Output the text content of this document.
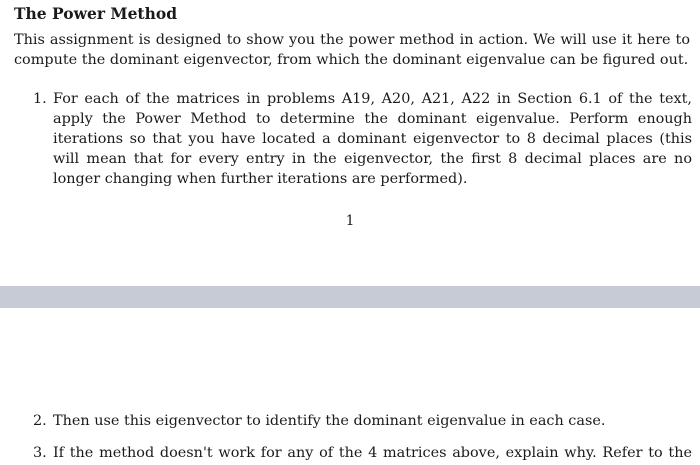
The Power Method

This assignment is designed to show you the power method in action. We will use it here to compute the dominant eigenvector, from which the dominant eigenvalue can be figured out.

1. For each of the matrices in problems A19, A20, A21, A22 in Section 6.1 of the text, apply the Power Method to determine the dominant eigenvalue. Perform enough iterations so that you have located a dominant eigenvector to 8 decimal places (this will mean that for every entry in the eigenvector, the first 8 decimal places are no longer changing when further iterations are performed).
1
2. Then use this eigenvector to identify the dominant eigenvalue in each case.
3. If the method doesn't work for any of the 4 matrices above, explain why. Refer to the
